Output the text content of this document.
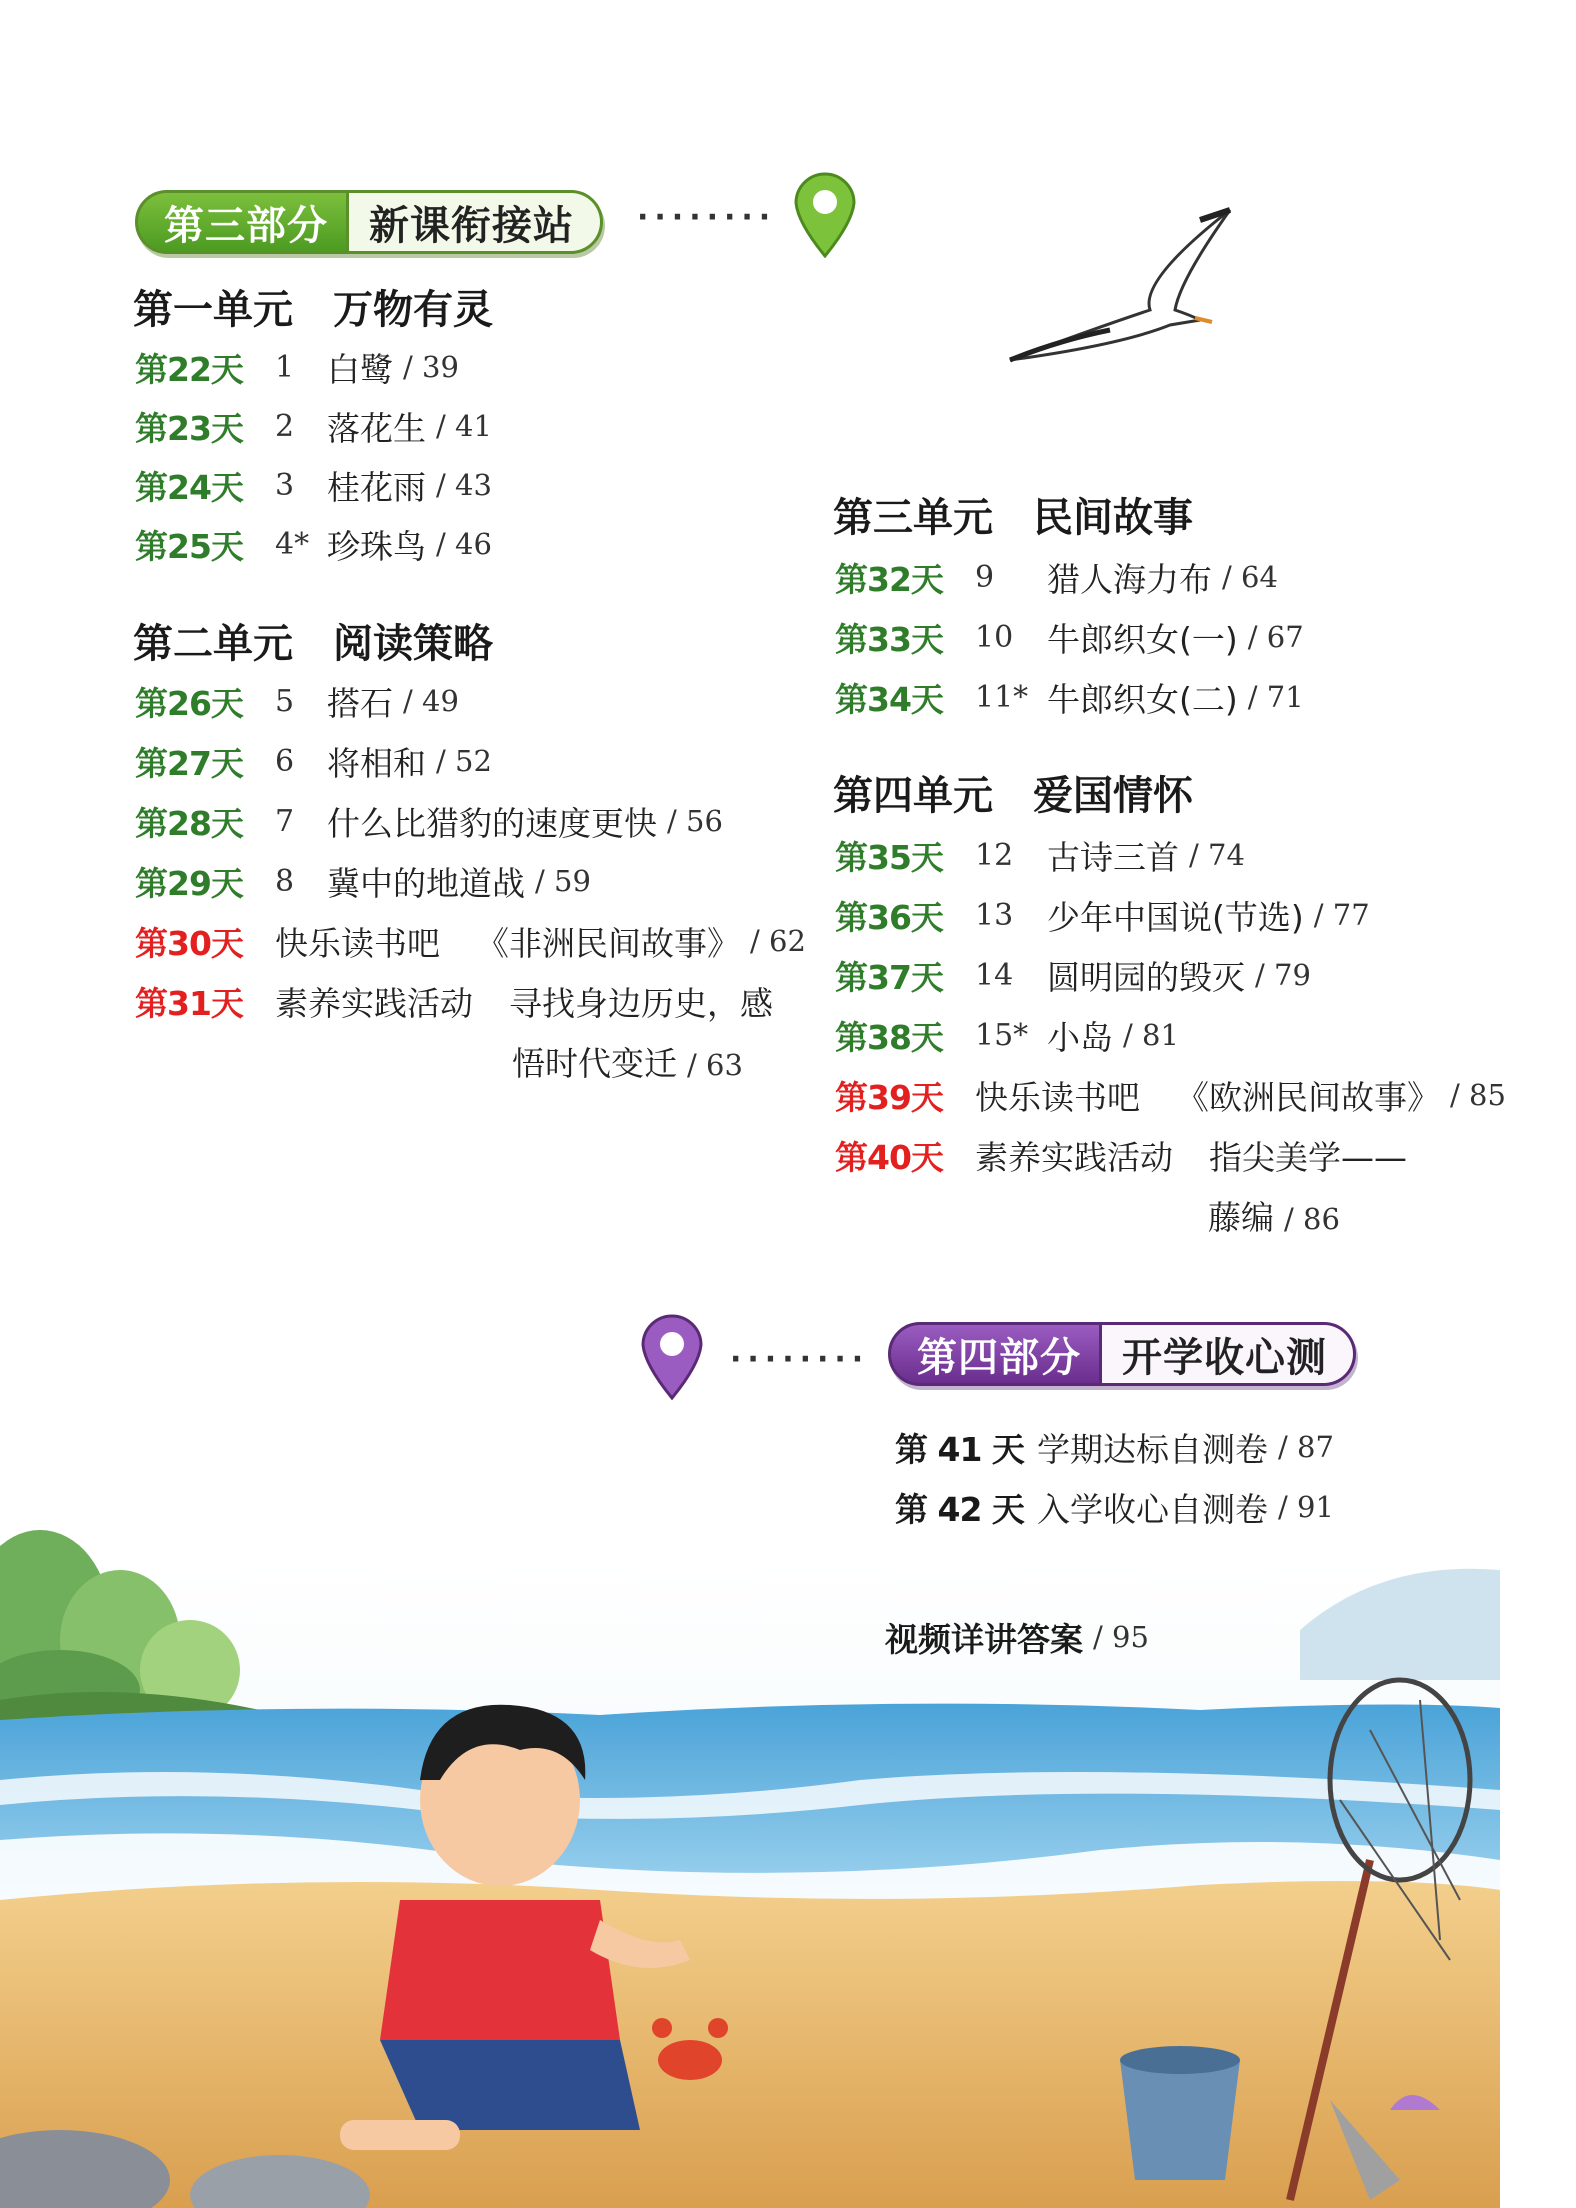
第三部分	新课衔接站	········
第一单元　万物有灵
第22天	1 白鹭 / 39
第23天	2 落花生 / 41
第24天	3 桂花雨 / 43
第25天	4* 珍珠鸟 / 46
第二单元　阅读策略
第26天	5 搭石 / 49
第27天	6 将相和 / 52
第28天	7 什么比猎豹的速度更快 / 56
第29天	8 冀中的地道战 / 59
第30天 快乐读书吧 《非洲民间故事》 / 62
第31天 素养实践活动 寻找身边历史，感
悟时代变迁 / 63
第三单元　民间故事
第32天	9	猎人海力布 / 64
第33天	10	牛郎织女(一) / 67
第34天	11* 牛郎织女(二) / 71
第四单元　爱国情怀
第35天	12	古诗三首 / 74
第36天	13	少年中国说(节选) / 77
第37天	14	圆明园的毁灭 / 79
第38天	15* 小岛 / 81
第39天 快乐读书吧 《欧洲民间故事》 / 85
第40天 素养实践活动 指尖美学——
藤编 / 86
········	第四部分	开学收心测
第 41 天 学期达标自测卷 / 87
第 42 天 入学收心自测卷 / 91
视频详讲答案 / 95
